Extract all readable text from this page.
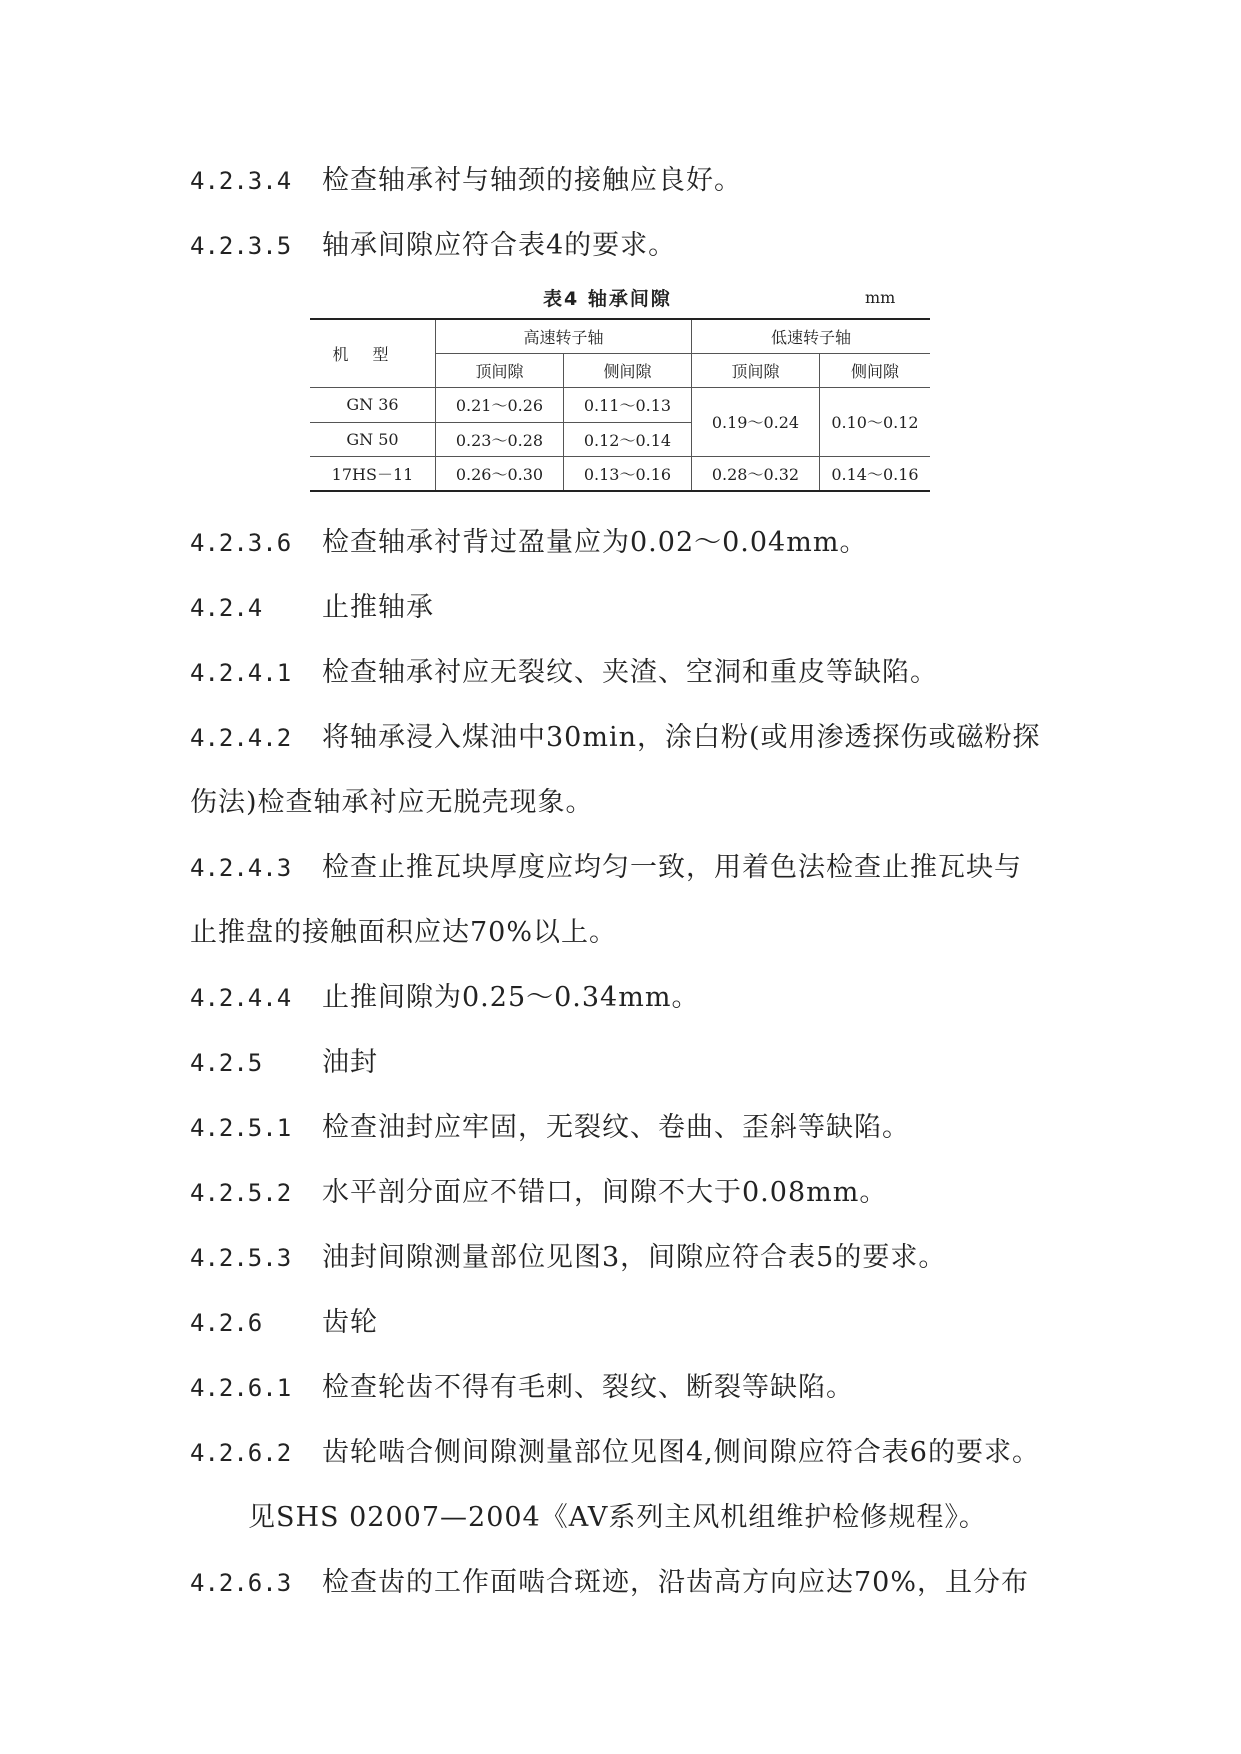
4.2.3.4 检查轴承衬与轴颈的接触应良好。
4.2.3.5 轴承间隙应符合表4的要求。
表4 轴承间隙	mm
机型	高速转子轴		低速转子轴	
	顶间隙	侧间隙	顶间隙	侧间隙
GN 36	0.21～0.26	0.11～0.13	0.19～0.24	0.10～0.12
GN 50	0.23～0.28	0.12～0.14		
17HS－11	0.26～0.30	0.13～0.16	0.28～0.32	0.14～0.16
4.2.3.6 检查轴承衬背过盈量应为0.02～0.04mm。
4.2.4 止推轴承
4.2.4.1 检查轴承衬应无裂纹、夹渣、空洞和重皮等缺陷。
4.2.4.2 将轴承浸入煤油中30min，涂白粉(或用渗透探伤或磁粉探
伤法)检查轴承衬应无脱壳现象。
4.2.4.3 检查止推瓦块厚度应均匀一致，用着色法检查止推瓦块与
止推盘的接触面积应达70%以上。
4.2.4.4 止推间隙为0.25～0.34mm。
4.2.5 油封
4.2.5.1 检查油封应牢固，无裂纹、卷曲、歪斜等缺陷。
4.2.5.2 水平剖分面应不错口，间隙不大于0.08mm。
4.2.5.3 油封间隙测量部位见图3，间隙应符合表5的要求。
4.2.6 齿轮
4.2.6.1 检查轮齿不得有毛刺、裂纹、断裂等缺陷。
4.2.6.2 齿轮啮合侧间隙测量部位见图4,侧间隙应符合表6的要求。
见SHS 02007—2004《AV系列主风机组维护检修规程》。
4.2.6.3 检查齿的工作面啮合斑迹，沿齿高方向应达70%，且分布
